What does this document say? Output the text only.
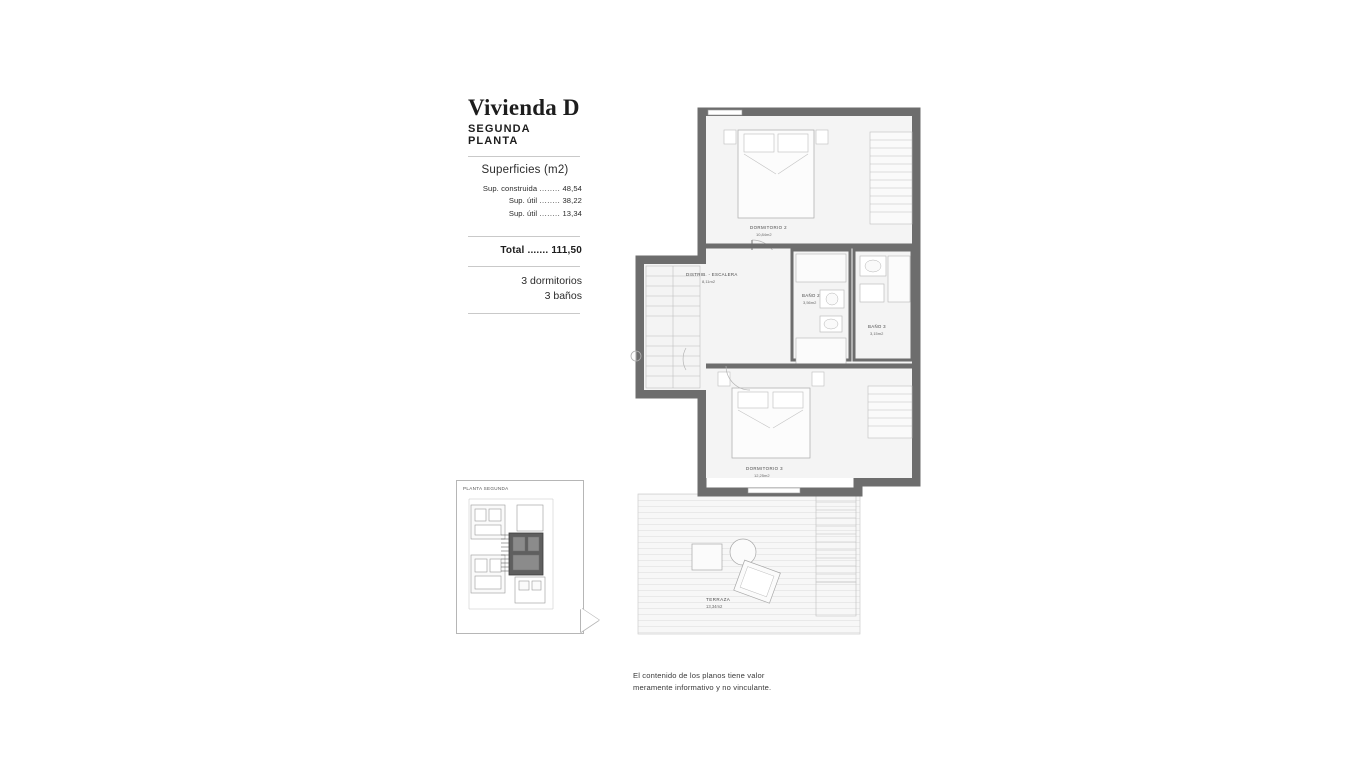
Vivienda D
SEGUNDA PLANTA
Superficies (m2)
Sup. construida ........ 48,54
Sup. útil ........ 38,22
Sup. útil ........ 13,34
Total ....... 111,50
3 dormitorios
3 baños
PLANTA SEGUNDA
TERRAZA
13,34m2
DORMITORIO 2
10,84m2
DISTRIB. - ESCALERA
8,11m2
BAÑO 2
3,56m2
BAÑO 3
3,15m2
DORMITORIO 3
12,25m2
El contenido de los planos tiene valor
meramente informativo y no vinculante.
